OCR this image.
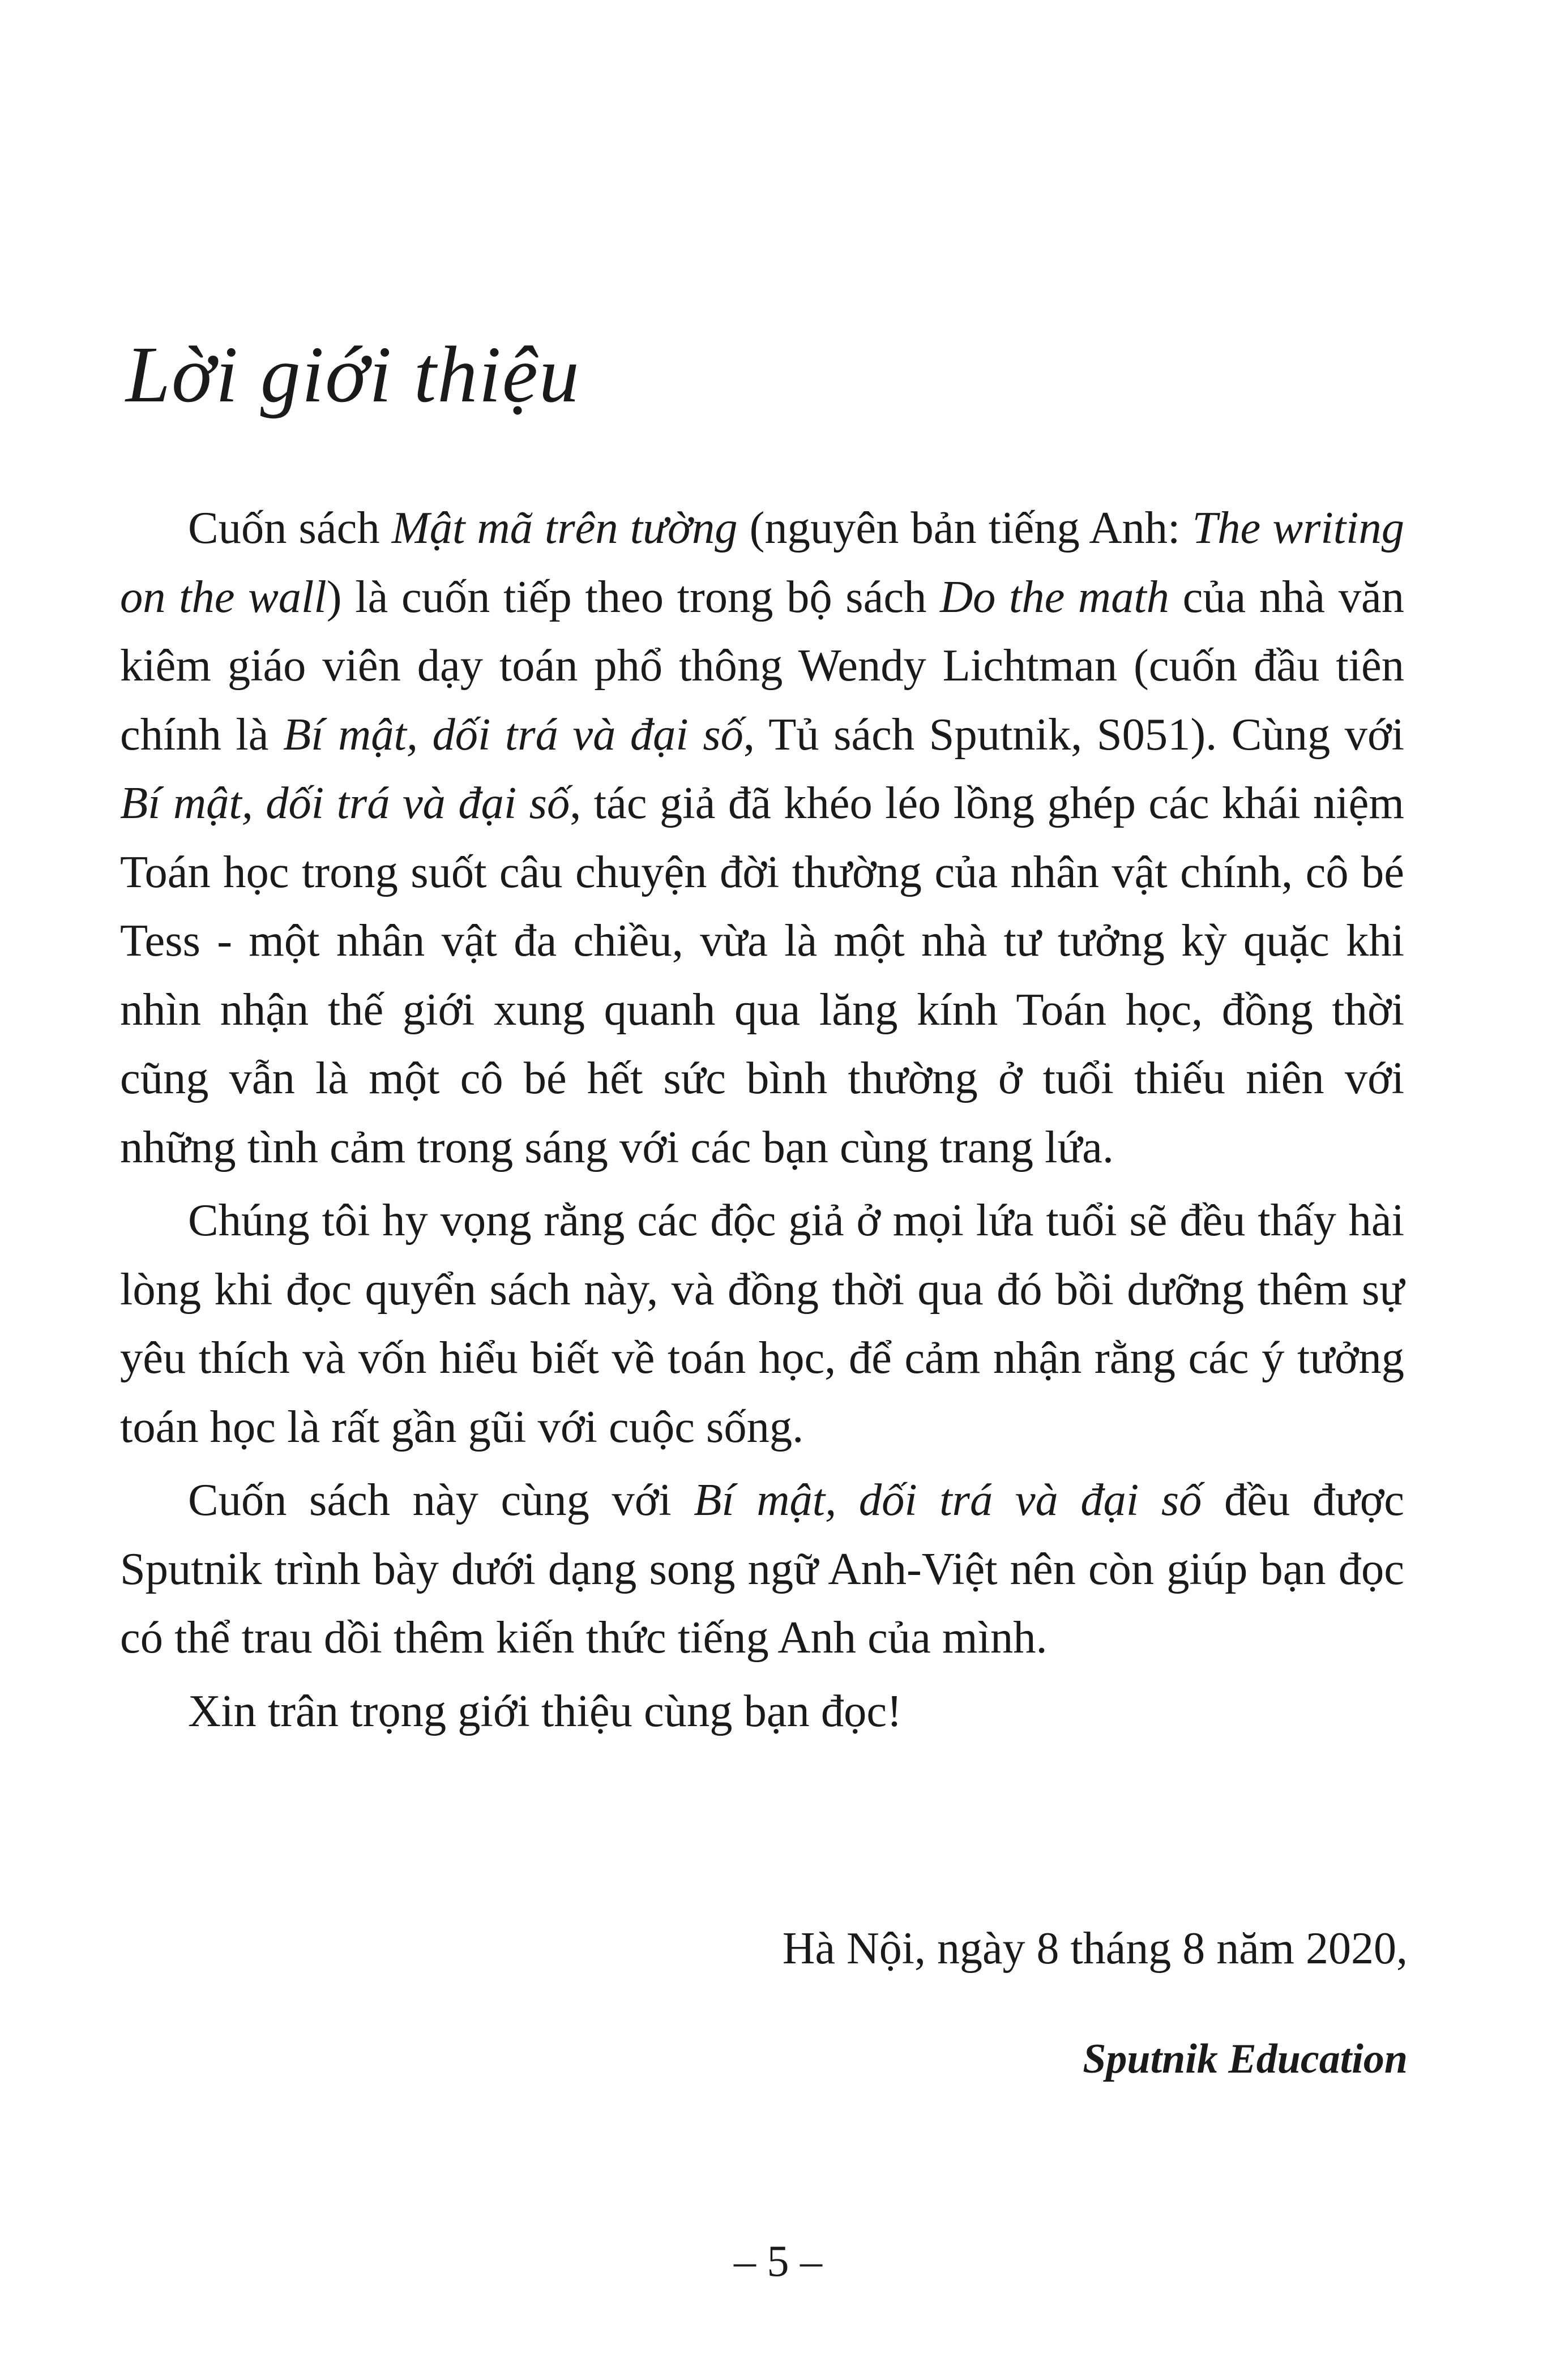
Lời giới thiệu

Cuốn sách Mật mã trên tường (nguyên bản tiếng Anh: The writing on the wall) là cuốn tiếp theo trong bộ sách Do the math của nhà văn kiêm giáo viên dạy toán phổ thông Wendy Lichtman (cuốn đầu tiên chính là Bí mật, dối trá và đại số, Tủ sách Sputnik, S051). Cùng với Bí mật, dối trá và đại số, tác giả đã khéo léo lồng ghép các khái niệm Toán học trong suốt câu chuyện đời thường của nhân vật chính, cô bé Tess - một nhân vật đa chiều, vừa là một nhà tư tưởng kỳ quặc khi nhìn nhận thế giới xung quanh qua lăng kính Toán học, đồng thời cũng vẫn là một cô bé hết sức bình thường ở tuổi thiếu niên với những tình cảm trong sáng với các bạn cùng trang lứa.

Chúng tôi hy vọng rằng các độc giả ở mọi lứa tuổi sẽ đều thấy hài lòng khi đọc quyển sách này, và đồng thời qua đó bồi dưỡng thêm sự yêu thích và vốn hiểu biết về toán học, để cảm nhận rằng các ý tưởng toán học là rất gần gũi với cuộc sống.

Cuốn sách này cùng với Bí mật, dối trá và đại số đều được Sputnik trình bày dưới dạng song ngữ Anh-Việt nên còn giúp bạn đọc có thể trau dồi thêm kiến thức tiếng Anh của mình.

Xin trân trọng giới thiệu cùng bạn đọc!

Hà Nội, ngày 8 tháng 8 năm 2020,
Sputnik Education
– 5 –
